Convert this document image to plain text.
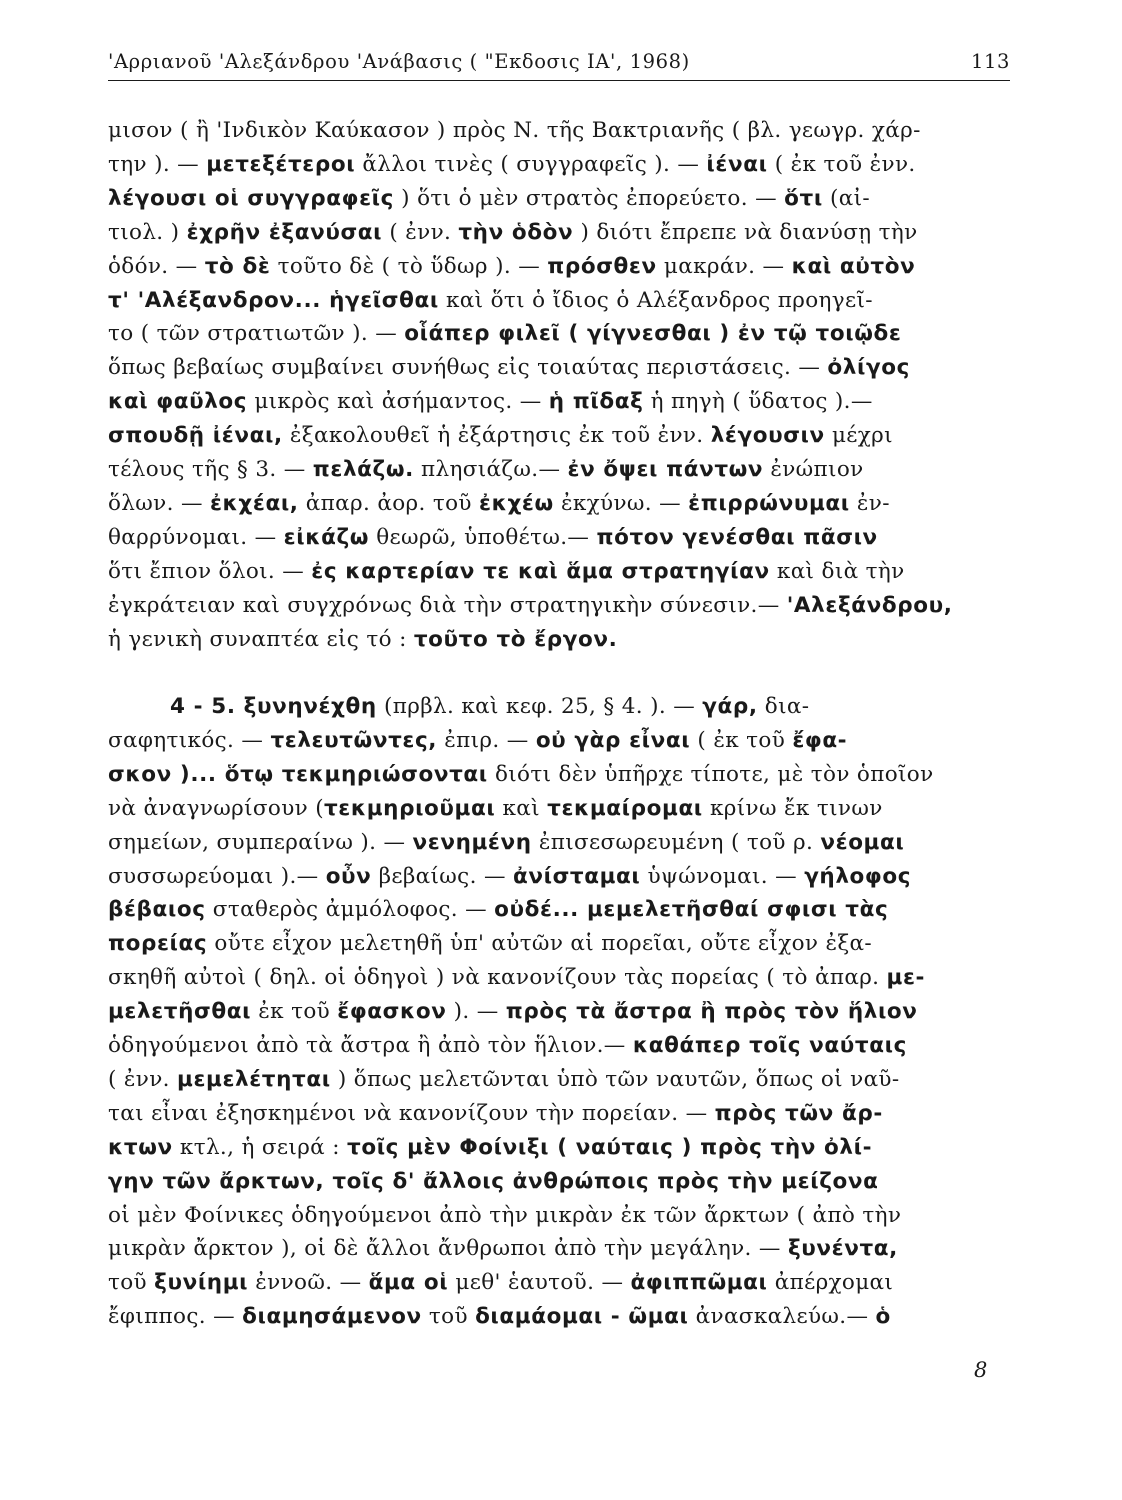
'Αρριανοῦ 'Αλεξάνδρου 'Ανάβασις ( "Εκδοσις ΙΑ', 1968)	113
μισον ( ἢ 'Ινδικὸν Καύκασον ) πρὸς Ν. τῆς Βακτριανῆς ( βλ. γεωγρ. χάρ-
την ). — μετεξέτεροι ἄλλοι τινὲς ( συγγραφεῖς ). — ἰέναι ( ἐκ τοῦ ἐνν.
λέγουσι οἱ συγγραφεῖς ) ὅτι ὁ μὲν στρατὸς ἐπορεύετο. — ὅτι (αἰ-
τιολ. ) ἐχρῆν ἐξανύσαι ( ἐνν. τὴν ὁδὸν ) διότι ἔπρεπε νὰ διανύσῃ τὴν
ὁδόν. — τὸ δὲ τοῦτο δὲ ( τὸ ὕδωρ ). — πρόσθεν μακράν. — καὶ αὐτὸν
τ' 'Αλέξανδρον... ἡγεῖσθαι καὶ ὅτι ὁ ἴδιος ὁ Αλέξανδρος προηγεῖ-
το ( τῶν στρατιωτῶν ). — οἷάπερ φιλεῖ ( γίγνεσθαι ) ἐν τῷ τοιῷδε
ὅπως βεβαίως συμβαίνει συνήθως εἰς τοιαύτας περιστάσεις. — ὀλίγος
καὶ φαῦλος μικρὸς καὶ ἀσήμαντος. — ἡ πῖδαξ ἡ πηγὴ ( ὕδατος ).—
σπουδῇ ἰέναι, ἐξακολουθεῖ ἡ ἐξάρτησις ἐκ τοῦ ἐνν. λέγουσιν μέχρι
τέλους τῆς § 3. — πελάζω. πλησιάζω.— ἐν ὄψει πάντων ἐνώπιον
ὅλων. — ἐκχέαι, ἀπαρ. ἀορ. τοῦ ἐκχέω ἐκχύνω. — ἐπιρρώνυμαι ἐν-
θαρρύνομαι. — εἰκάζω θεωρῶ, ὑποθέτω.— πότον γενέσθαι πᾶσιν
ὅτι ἔπιον ὅλοι. — ἐς καρτερίαν τε καὶ ἅμα στρατηγίαν καὶ διὰ τὴν
ἐγκράτειαν καὶ συγχρόνως διὰ τὴν στρατηγικὴν σύνεσιν.— 'Αλεξάνδρου,
ἡ γενικὴ συναπτέα εἰς τό : τοῦτο τὸ ἔργον.
4 - 5. ξυνηνέχθη (πρβλ. καὶ κεφ. 25, § 4. ). — γάρ, δια-
σαφητικός. — τελευτῶντες, ἐπιρ. — οὐ γὰρ εἶναι ( ἐκ τοῦ ἔφα-
σκον )... ὅτῳ τεκμηριώσονται διότι δὲν ὑπῆρχε τίποτε, μὲ τὸν ὁποῖον
νὰ ἀναγνωρίσουν (τεκμηριοῦμαι καὶ τεκμαίρομαι κρίνω ἔκ τινων
σημείων, συμπεραίνω ). — νενημένη ἐπισεσωρευμένη ( τοῦ ρ. νέομαι
συσσωρεύομαι ).— οὖν βεβαίως. — ἀνίσταμαι ὑψώνομαι. — γήλοφος
βέβαιος σταθερὸς ἀμμόλοφος. — οὐδέ... μεμελετῆσθαί σφισι τὰς
πορείας οὔτε εἶχον μελετηθῆ ὑπ' αὐτῶν αἱ πορεῖαι, οὔτε εἶχον ἐξα-
σκηθῆ αὐτοὶ ( δηλ. οἱ ὁδηγοὶ ) νὰ κανονίζουν τὰς πορείας ( τὸ ἀπαρ. με-
μελετῆσθαι ἐκ τοῦ ἔφασκον ). — πρὸς τὰ ἄστρα ἢ πρὸς τὸν ἥλιον
ὁδηγούμενοι ἀπὸ τὰ ἄστρα ἢ ἀπὸ τὸν ἥλιον.— καθάπερ τοῖς ναύταις
( ἐνν. μεμελέτηται ) ὅπως μελετῶνται ὑπὸ τῶν ναυτῶν, ὅπως οἱ ναῦ-
ται εἶναι ἐξησκημένοι νὰ κανονίζουν τὴν πορείαν. — πρὸς τῶν ἄρ-
κτων κτλ., ἡ σειρά : τοῖς μὲν Φοίνιξι ( ναύταις ) πρὸς τὴν ὀλί-
γην τῶν ἄρκτων, τοῖς δ' ἄλλοις ἀνθρώποις πρὸς τὴν μείζονα
οἱ μὲν Φοίνικες ὁδηγούμενοι ἀπὸ τὴν μικρὰν ἐκ τῶν ἄρκτων ( ἀπὸ τὴν
μικρὰν ἄρκτον ), οἱ δὲ ἄλλοι ἄνθρωποι ἀπὸ τὴν μεγάλην. — ξυνέντα,
τοῦ ξυνίημι ἐννοῶ. — ἅμα οἱ μεθ' ἑαυτοῦ. — ἀφιππῶμαι ἀπέρχομαι
ἔφιππος. — διαμησάμενον τοῦ διαμάομαι - ῶμαι ἀνασκαλεύω.— ὁ
8
